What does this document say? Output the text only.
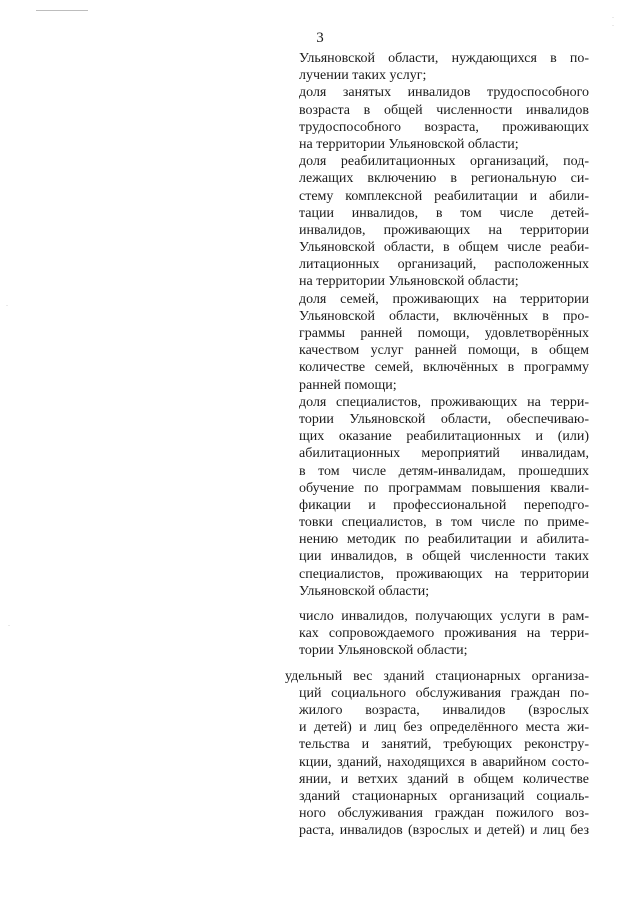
.
.
.
.
3
Ульяновской области, нуждающихся в по-
лучении таких услуг;
доля занятых инвалидов трудоспособного
возраста в общей численности инвалидов
трудоспособного возраста, проживающих
на территории Ульяновской области;
доля реабилитационных организаций, под-
лежащих включению в региональную си-
стему комплексной реабилитации и абили-
тации инвалидов, в том числе детей-
инвалидов, проживающих на территории
Ульяновской области, в общем числе реаби-
литационных организаций, расположенных
на территории Ульяновской области;
доля семей, проживающих на территории
Ульяновской области, включённых в про-
граммы ранней помощи, удовлетворённых
качеством услуг ранней помощи, в общем
количестве семей, включённых в программу
ранней помощи;
доля специалистов, проживающих на терри-
тории Ульяновской области, обеспечиваю-
щих оказание реабилитационных и (или)
абилитационных мероприятий инвалидам,
в том числе детям-инвалидам, прошедших
обучение по программам повышения квали-
фикации и профессиональной переподго-
товки специалистов, в том числе по приме-
нению методик по реабилитации и абилита-
ции инвалидов, в общей численности таких
специалистов, проживающих на территории
Ульяновской области;
число инвалидов, получающих услуги в рам-
ках сопровождаемого проживания на терри-
тории Ульяновской области;
удельный вес зданий стационарных организа-
ций социального обслуживания граждан по-
жилого возраста, инвалидов (взрослых
и детей) и лиц без определённого места жи-
тельства и занятий, требующих реконстру-
кции, зданий, находящихся в аварийном состо-
янии, и ветхих зданий в общем количестве
зданий стационарных организаций социаль-
ного обслуживания граждан пожилого воз-
раста, инвалидов (взрослых и детей) и лиц без
